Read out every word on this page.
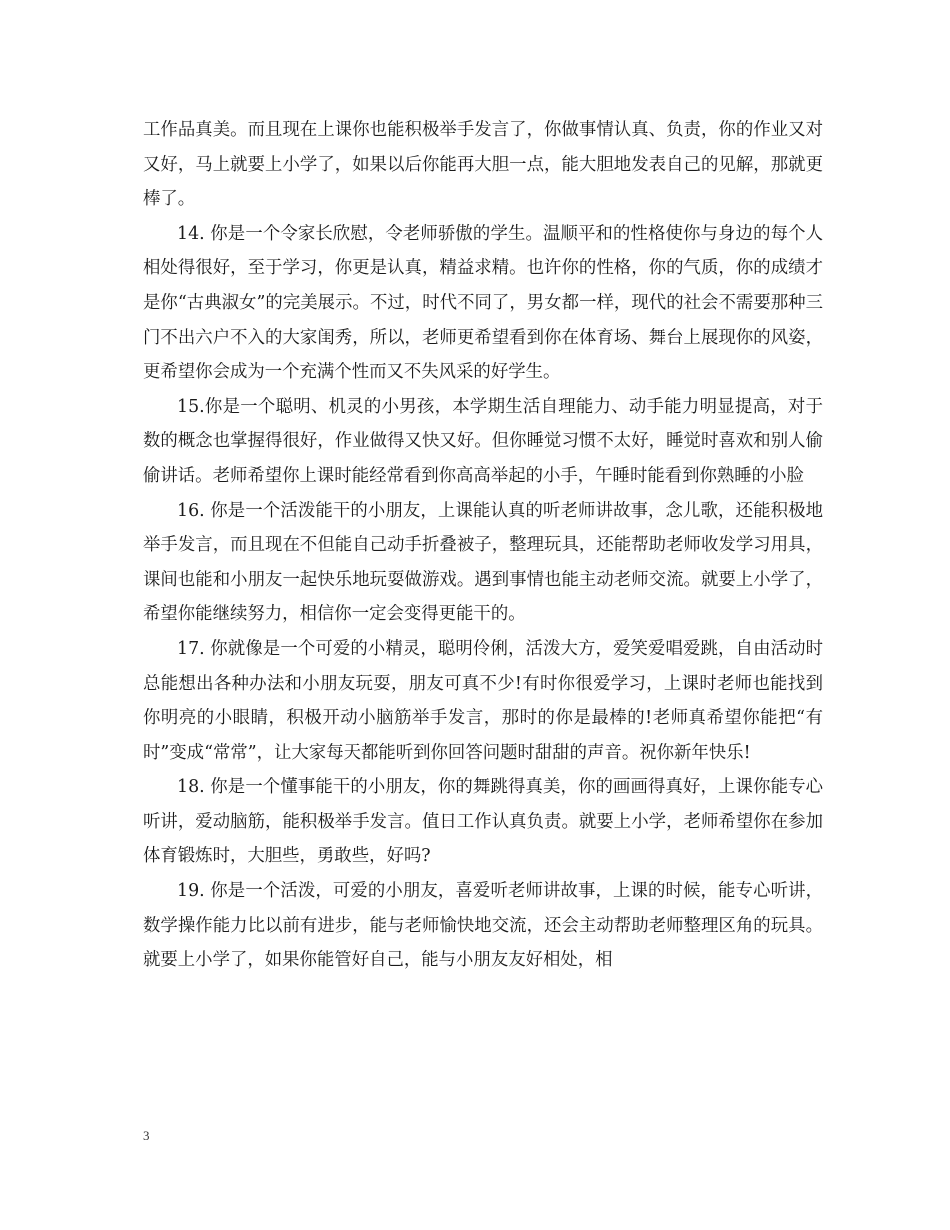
工作品真美。而且现在上课你也能积极举手发言了，你做事情认真、负责，你的作业又对又好，马上就要上小学了，如果以后你能再大胆一点，能大胆地发表自己的见解，那就更棒了。

14. 你是一个令家长欣慰，令老师骄傲的学生。温顺平和的性格使你与身边的每个人相处得很好，至于学习，你更是认真，精益求精。也许你的性格，你的气质，你的成绩才是你“古典淑女”的完美展示。不过，时代不同了，男女都一样，现代的社会不需要那种三门不出六户不入的大家闺秀，所以，老师更希望看到你在体育场、舞台上展现你的风姿，更希望你会成为一个充满个性而又不失风采的好学生。

15.你是一个聪明、机灵的小男孩，本学期生活自理能力、动手能力明显提高，对于数的概念也掌握得很好，作业做得又快又好。但你睡觉习惯不太好，睡觉时喜欢和别人偷偷讲话。老师希望你上课时能经常看到你高高举起的小手，午睡时能看到你熟睡的小脸

16. 你是一个活泼能干的小朋友，上课能认真的听老师讲故事，念儿歌，还能积极地举手发言，而且现在不但能自己动手折叠被子，整理玩具，还能帮助老师收发学习用具，课间也能和小朋友一起快乐地玩耍做游戏。遇到事情也能主动老师交流。就要上小学了，希望你能继续努力，相信你一定会变得更能干的。

17. 你就像是一个可爱的小精灵，聪明伶俐，活泼大方，爱笑爱唱爱跳，自由活动时总能想出各种办法和小朋友玩耍，朋友可真不少!有时你很爱学习，上课时老师也能找到你明亮的小眼睛，积极开动小脑筋举手发言，那时的你是最棒的!老师真希望你能把“有时”变成“常常”，让大家每天都能听到你回答问题时甜甜的声音。祝你新年快乐!

18. 你是一个懂事能干的小朋友，你的舞跳得真美，你的画画得真好，上课你能专心听讲，爱动脑筋，能积极举手发言。值日工作认真负责。就要上小学，老师希望你在参加体育锻炼时，大胆些，勇敢些，好吗?

19. 你是一个活泼，可爱的小朋友，喜爱听老师讲故事，上课的时候，能专心听讲，数学操作能力比以前有进步，能与老师愉快地交流，还会主动帮助老师整理区角的玩具。就要上小学了，如果你能管好自己，能与小朋友友好相处，相

3
